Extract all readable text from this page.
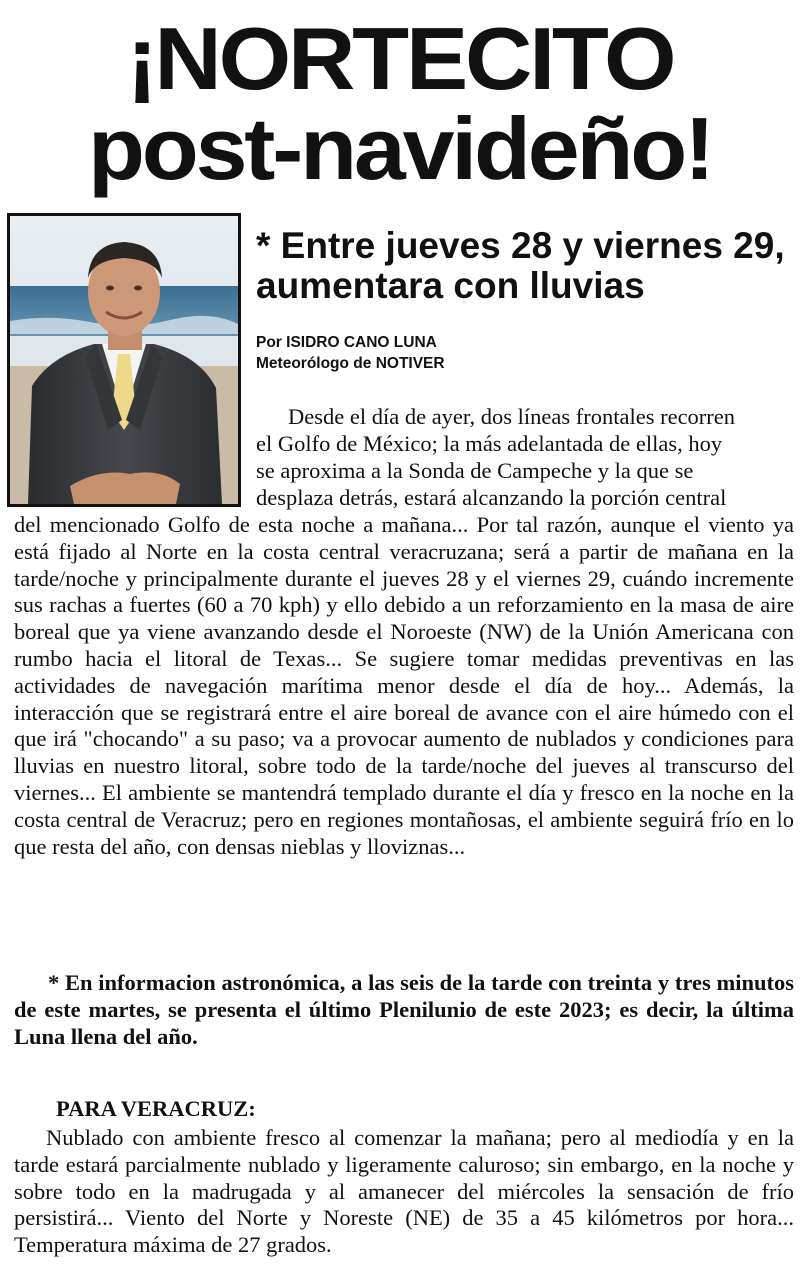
¡NORTECITO
post-navideño!
* Entre jueves 28 y viernes 29, aumentara con lluvias
Por ISIDRO CANO LUNA
Meteorólogo de NOTIVER
Desde el día de ayer, dos líneas frontales recorren
el Golfo de México; la más adelantada de ellas, hoy
se aproxima a la Sonda de Campeche y la que se
desplaza detrás, estará alcanzando la porción central
del mencionado Golfo de esta noche a mañana... Por tal razón, aunque el viento ya está fijado al Norte en la costa central veracruzana; será a partir de mañana en la tarde/noche y principalmente durante el jueves 28 y el viernes 29, cuándo incremente sus rachas a fuertes (60 a 70 kph) y ello debido a un reforzamiento en la masa de aire boreal que ya viene avanzando desde el Noroeste (NW) de la Unión Americana con rumbo hacia el litoral de Texas... Se sugiere tomar medidas preventivas en las actividades de navegación marítima menor desde el día de hoy... Además, la interacción que se registrará entre el aire boreal de avance con el aire húmedo con el que irá "chocando" a su paso; va a provocar aumento de nublados y condiciones para lluvias en nuestro litoral, sobre todo de la tarde/noche del jueves al transcurso del viernes... El ambiente se mantendrá templado durante el día y fresco en la noche en la costa central de Veracruz; pero en regiones montañosas, el ambiente seguirá frío en lo que resta del año, con densas nieblas y lloviznas...
* En informacion astronómica, a las seis de la tarde con treinta y tres minutos de este martes, se presenta el último Plenilunio de este 2023; es decir, la última Luna llena del año.
PARA VERACRUZ:
Nublado con ambiente fresco al comenzar la mañana; pero al mediodía y en la tarde estará parcialmente nublado y ligeramente caluroso; sin embargo, en la noche y sobre todo en la madrugada y al amanecer del miércoles la sensación de frío persistirá... Viento del Norte y Noreste (NE) de 35 a 45 kilómetros por hora... Temperatura máxima de 27 grados.
